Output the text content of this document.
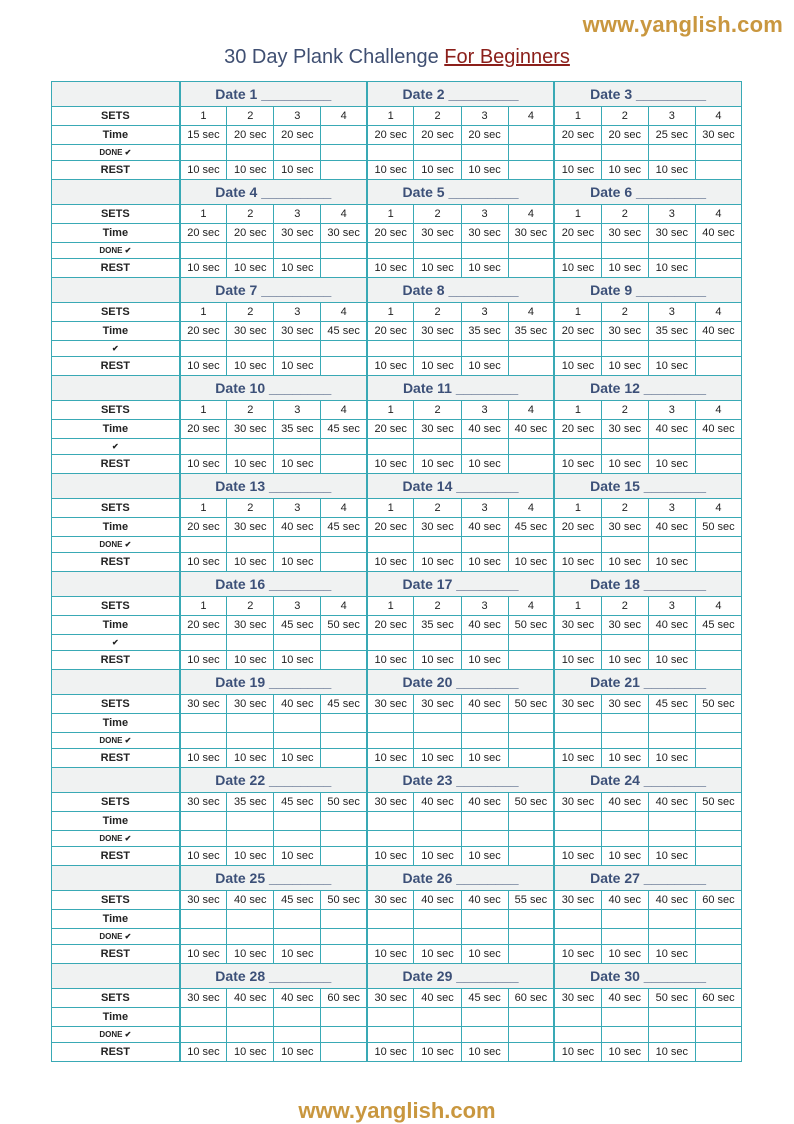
www.yanglish.com
30 Day Plank Challenge For Beginners
	Date 1 _________				Date 2 _________				Date 3 _________			
SETS	1	2	3	4	1	2	3	4	1	2	3	4
Time	15 sec	20 sec	20 sec		20 sec	20 sec	20 sec		20 sec	20 sec	25 sec	30 sec
DONE ✔												
REST	10 sec	10 sec	10 sec		10 sec	10 sec	10 sec		10 sec	10 sec	10 sec	
	Date 4 _________				Date 5 _________				Date 6 _________			
SETS	1	2	3	4	1	2	3	4	1	2	3	4
Time	20 sec	20 sec	30 sec	30 sec	20 sec	30 sec	30 sec	30 sec	20 sec	30 sec	30 sec	40 sec
DONE ✔												
REST	10 sec	10 sec	10 sec		10 sec	10 sec	10 sec		10 sec	10 sec	10 sec	
	Date 7 _________				Date 8 _________				Date 9 _________			
SETS	1	2	3	4	1	2	3	4	1	2	3	4
Time	20 sec	30 sec	30 sec	45 sec	20 sec	30 sec	35 sec	35 sec	20 sec	30 sec	35 sec	40 sec
✔												
REST	10 sec	10 sec	10 sec		10 sec	10 sec	10 sec		10 sec	10 sec	10 sec	
	Date 10 ________				Date 11 ________				Date 12 ________			
SETS	1	2	3	4	1	2	3	4	1	2	3	4
Time	20 sec	30 sec	35 sec	45 sec	20 sec	30 sec	40 sec	40 sec	20 sec	30 sec	40 sec	40 sec
✔												
REST	10 sec	10 sec	10 sec		10 sec	10 sec	10 sec		10 sec	10 sec	10 sec	
	Date 13 ________				Date 14 ________				Date 15 ________			
SETS	1	2	3	4	1	2	3	4	1	2	3	4
Time	20 sec	30 sec	40 sec	45 sec	20 sec	30 sec	40 sec	45 sec	20 sec	30 sec	40 sec	50 sec
DONE ✔												
REST	10 sec	10 sec	10 sec		10 sec	10 sec	10 sec	10 sec	10 sec	10 sec	10 sec	
	Date 16 ________				Date 17 ________				Date 18 ________			
SETS	1	2	3	4	1	2	3	4	1	2	3	4
Time	20 sec	30 sec	45 sec	50 sec	20 sec	35 sec	40 sec	50 sec	30 sec	30 sec	40 sec	45 sec
✔												
REST	10 sec	10 sec	10 sec		10 sec	10 sec	10 sec		10 sec	10 sec	10 sec	
	Date 19 ________				Date 20 ________				Date 21 ________			
SETS	30 sec	30 sec	40 sec	45 sec	30 sec	30 sec	40 sec	50 sec	30 sec	30 sec	45 sec	50 sec
Time												
DONE ✔												
REST	10 sec	10 sec	10 sec		10 sec	10 sec	10 sec		10 sec	10 sec	10 sec	
	Date 22 ________				Date 23 ________				Date 24 ________			
SETS	30 sec	35 sec	45 sec	50 sec	30 sec	40 sec	40 sec	50 sec	30 sec	40 sec	40 sec	50 sec
Time												
DONE ✔												
REST	10 sec	10 sec	10 sec		10 sec	10 sec	10 sec		10 sec	10 sec	10 sec	
	Date 25 ________				Date 26 ________				Date 27 ________			
SETS	30 sec	40 sec	45 sec	50 sec	30 sec	40 sec	40 sec	55 sec	30 sec	40 sec	40 sec	60 sec
Time												
DONE ✔												
REST	10 sec	10 sec	10 sec		10 sec	10 sec	10 sec		10 sec	10 sec	10 sec	
	Date 28 ________				Date 29 ________				Date 30 ________			
SETS	30 sec	40 sec	40 sec	60 sec	30 sec	40 sec	45 sec	60 sec	30 sec	40 sec	50 sec	60 sec
Time												
DONE ✔												
REST	10 sec	10 sec	10 sec		10 sec	10 sec	10 sec		10 sec	10 sec	10 sec	
www.yanglish.com
